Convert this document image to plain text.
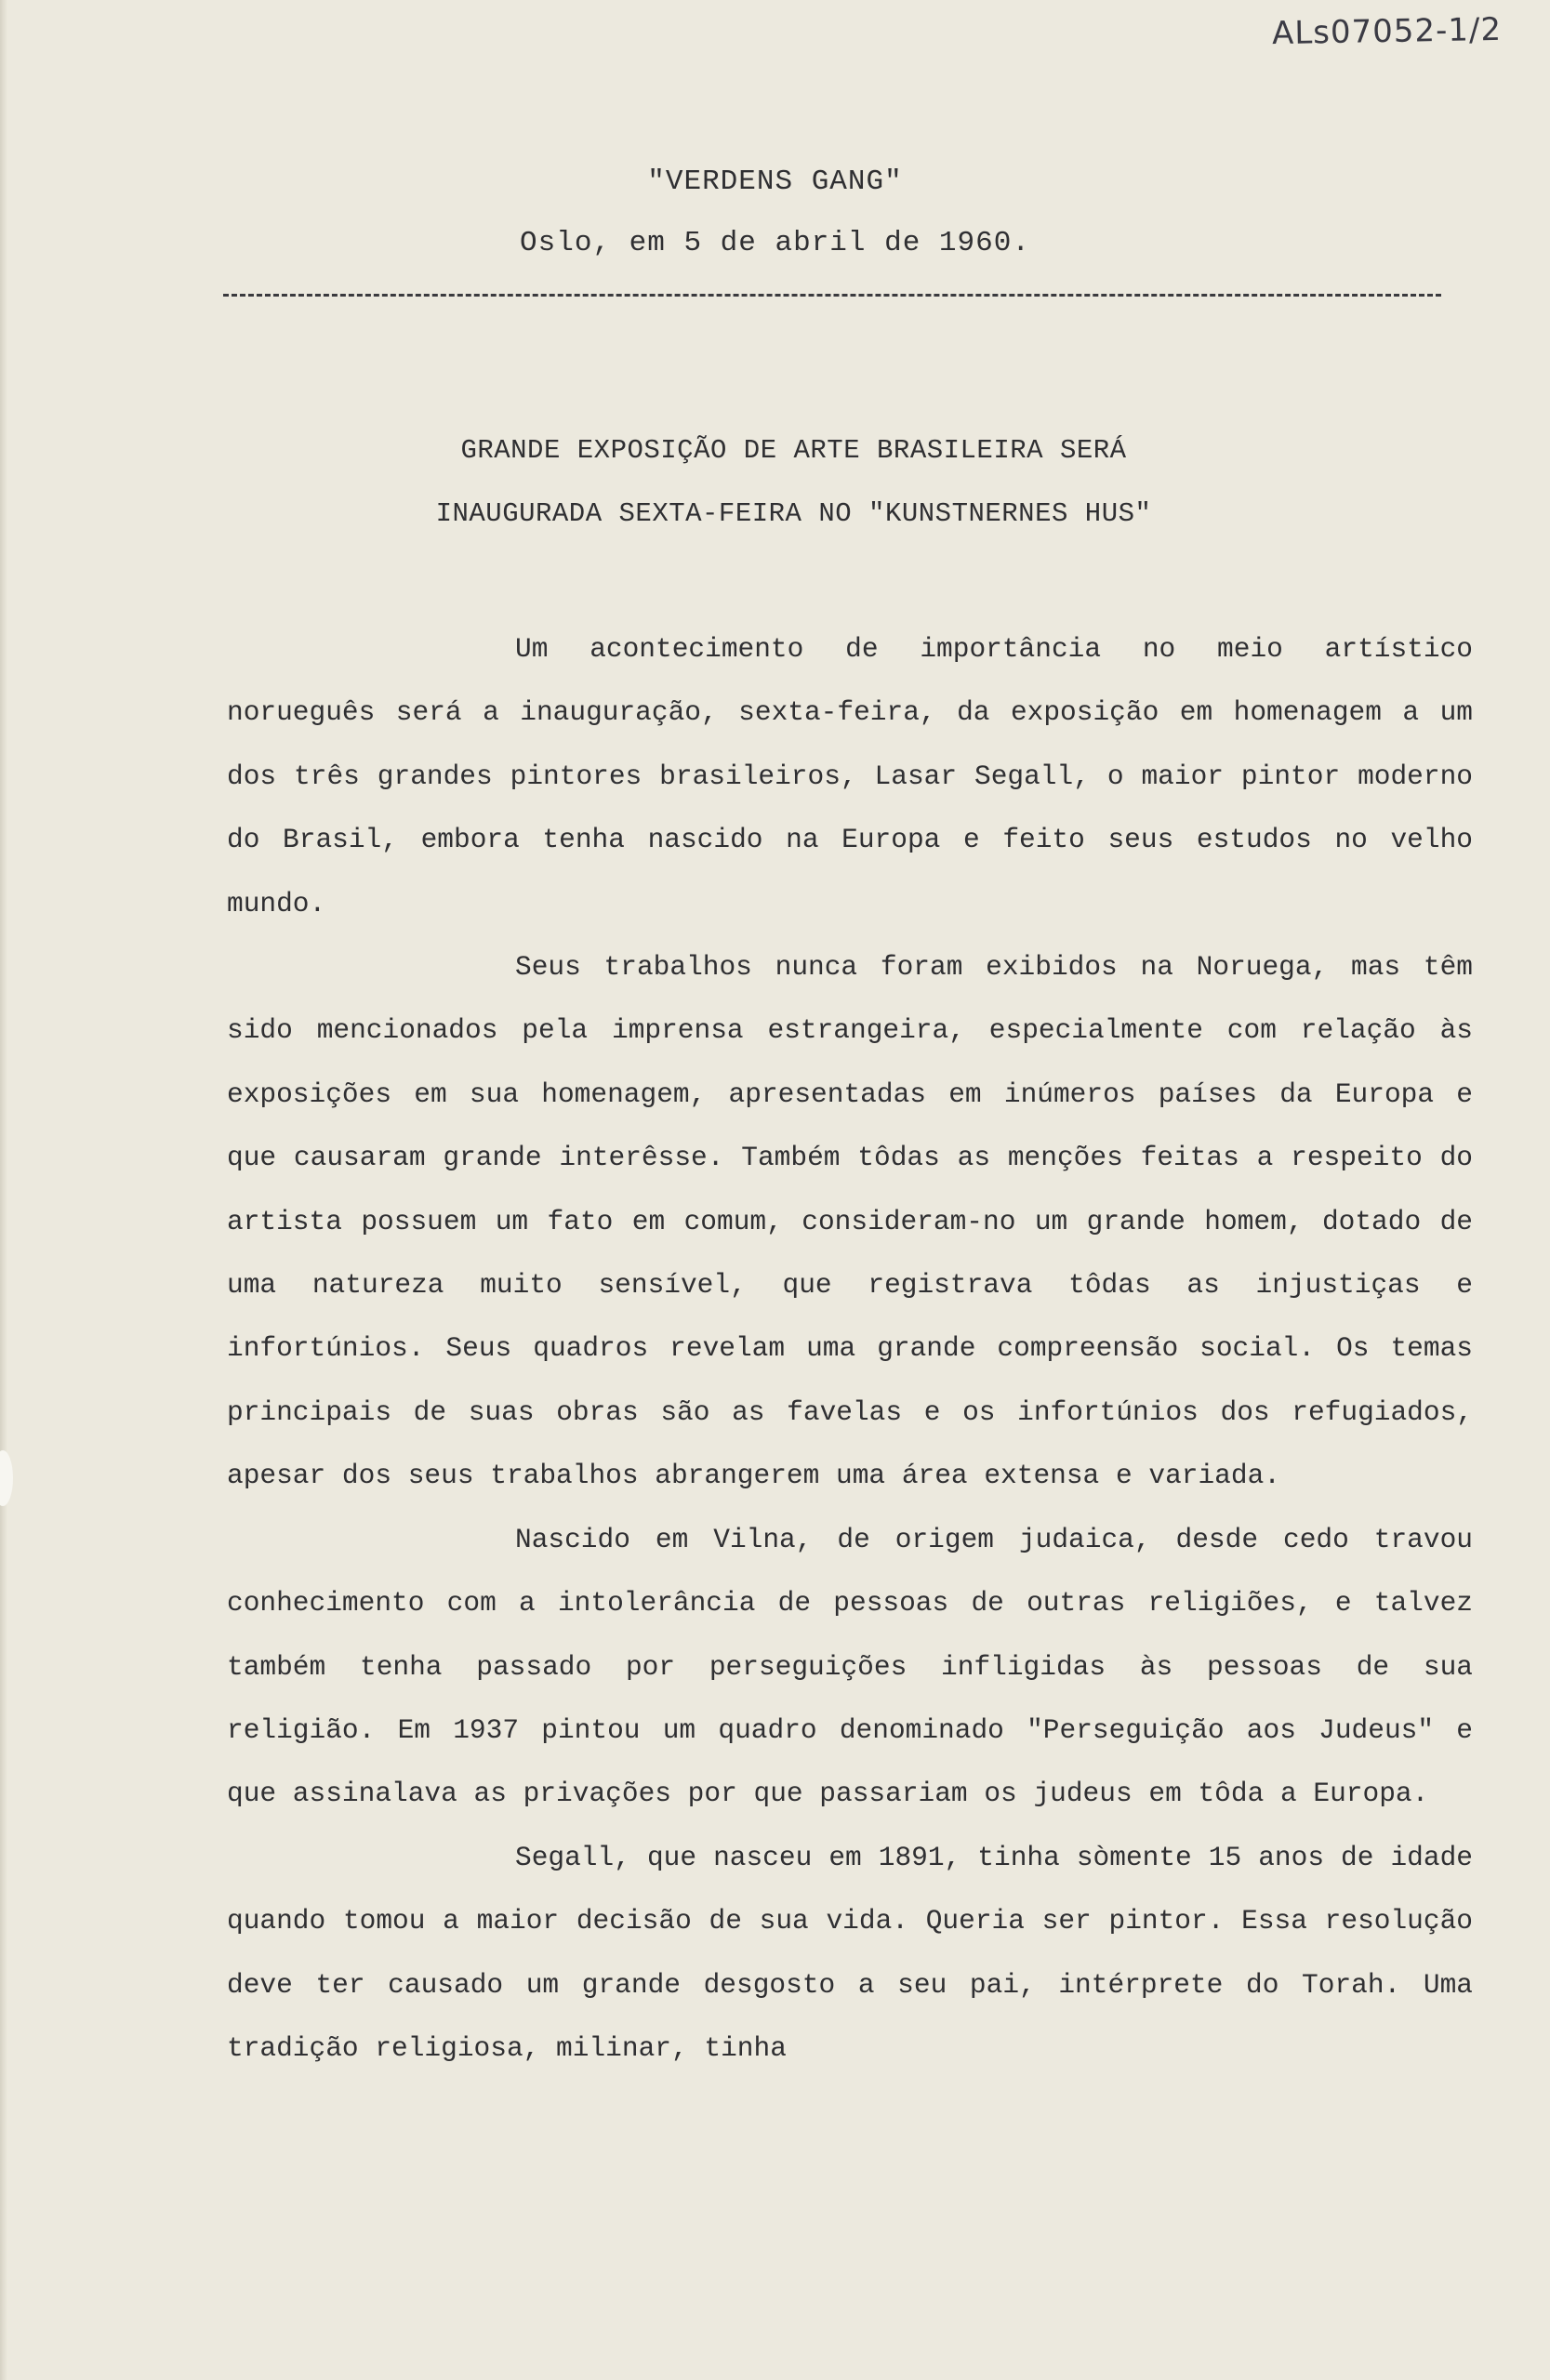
ALs07052-1/2
"VERDENS GANG"
Oslo, em 5 de abril de 1960.
GRANDE EXPOSIÇÃO DE ARTE BRASILEIRA SERÁ
INAUGURADA SEXTA-FEIRA NO "KUNSTNERNES HUS"

Um acontecimento de importância no meio artístico norueguês será a inauguração, sexta-feira, da exposição em homenagem a um dos três grandes pintores brasileiros, Lasar Segall, o maior pintor moderno do Brasil, embora tenha nascido na Europa e feito seus estudos no velho mundo.

Seus trabalhos nunca foram exibidos na Noruega, mas têm sido mencionados pela imprensa estrangeira, especialmente com relação às exposições em sua homenagem, apresentadas em inúmeros países da Europa e que causaram grande interêsse. Também tôdas as menções feitas a respeito do artista possuem um fato em comum, consideram-no um grande homem, dotado de uma natureza muito sensível, que registrava tôdas as injustiças e infortúnios. Seus quadros revelam uma grande compreensão social. Os temas principais de suas obras são as favelas e os infortúnios dos refugiados, apesar dos seus trabalhos abrangerem uma área extensa e variada.

Nascido em Vilna, de origem judaica, desde cedo travou conhecimento com a intolerância de pessoas de outras religiões, e talvez também tenha passado por perseguições infligidas às pessoas de sua religião. Em 1937 pintou um quadro denominado "Perseguição aos Judeus" e que assinalava as privações por que passariam os judeus em tôda a Europa.

Segall, que nasceu em 1891, tinha sòmente 15 anos de idade quando tomou a maior decisão de sua vida. Queria ser pintor. Essa resolução deve ter causado um grande desgosto a seu pai, intérprete do Torah. Uma tradição religiosa, milinar, tinha
